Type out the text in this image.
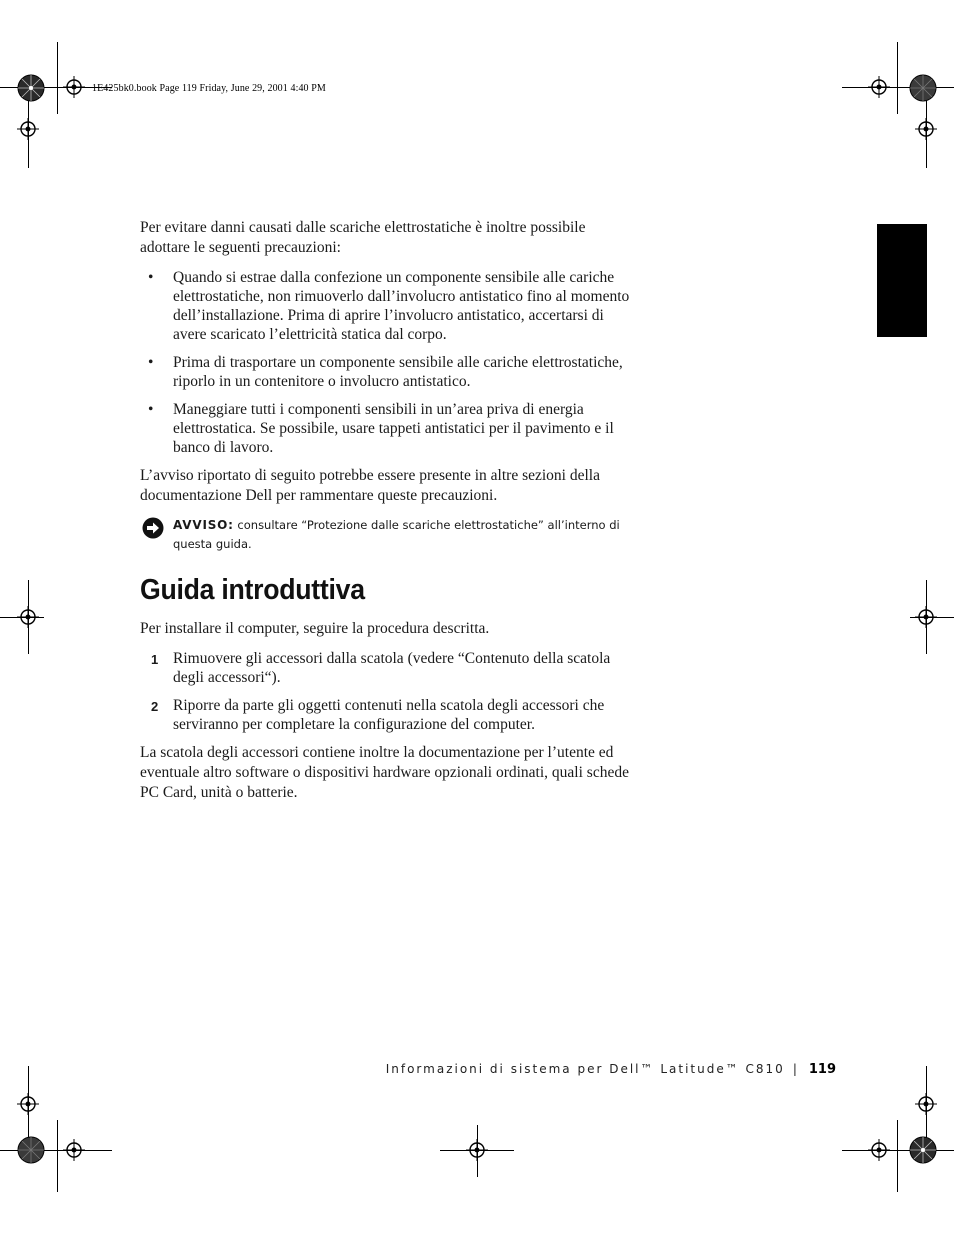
1E425bk0.book Page 119 Friday, June 29, 2001 4:40 PM

Per evitare danni causati dalle scariche elettrostatiche è inoltre possibile adottare le seguenti precauzioni:

• Quando si estrae dalla confezione un componente sensibile alle cariche elettrostatiche, non rimuoverlo dall’involucro antistatico fino al momento dell’installazione. Prima di aprire l’involucro antistatico, accertarsi di avere scaricato l’elettricità statica dal corpo.
• Prima di trasportare un componente sensibile alle cariche elettrostatiche, riporlo in un contenitore o involucro antistatico.
• Maneggiare tutti i componenti sensibili in un’area priva di energia elettrostatica. Se possibile, usare tappeti antistatici per il pavimento e il banco di lavoro.

L’avviso riportato di seguito potrebbe essere presente in altre sezioni della documentazione Dell per rammentare queste precauzioni.

AVVISO: consultare “Protezione dalle scariche elettrostatiche” all’interno di questa guida.
Guida introduttiva

Per installare il computer, seguire la procedura descritta.

1 Rimuovere gli accessori dalla scatola (vedere “Contenuto della scatola degli accessori“).
2 Riporre da parte gli oggetti contenuti nella scatola degli accessori che serviranno per completare la configurazione del computer.

La scatola degli accessori contiene inoltre la documentazione per l’utente ed eventuale altro software o dispositivi hardware opzionali ordinati, quali schede PC Card, unità o batterie.

Informazioni di sistema per Dell™ Latitude™ C810 | 119
